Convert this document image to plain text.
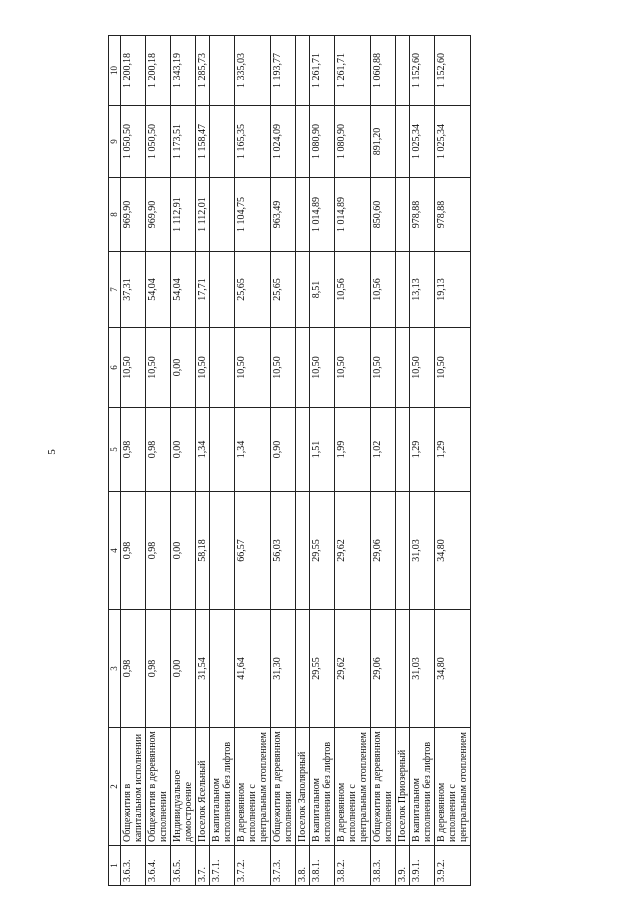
5
1	2	3	4	5	6	7	8	9	10
3.6.3.	Общежития в капитальном исполнении	0,98	0,98	0,98	10,50	37,31	969,90	1 050,50	1 200,18
3.6.4.	Общежития в деревянном исполнении	0,98	0,98	0,98	10,50	54,04	969,90	1 050,50	1 200,18
3.6.5.	Индивидуальное домостроение	0,00	0,00	0,00	0,00	54,04	1 112,91	1 173,51	1 343,19
3.7.	Поселок Ясельный	31,54	58,18	1,34	10,50	17,71	1 112,01	1 158,47	1 285,73
3.7.1.	В капитальном исполнении без лифтов								
3.7.2.	В деревянном исполнении с центральным отоплением	41,64	66,57	1,34	10,50	25,65	1 104,75	1 165,35	1 335,03
3.7.3.	Общежития в деревянном исполнении	31,30	56,03	0,90	10,50	25,65	963,49	1 024,09	1 193,77
3.8.	Поселок Заполярный								
3.8.1.	В капитальном исполнении без лифтов	29,55	29,55	1,51	10,50	8,51	1 014,89	1 080,90	1 261,71
3.8.2.	В деревянном исполнении с центральным отоплением	29,62	29,62	1,99	10,50	10,56	1 014,89	1 080,90	1 261,71
3.8.3.	Общежития в деревянном исполнении	29,06	29,06	1,02	10,50	10,56	850,60	891,20	1 060,88
3.9.	Поселок Приозерный								
3.9.1.	В капитальном исполнении без лифтов	31,03	31,03	1,29	10,50	13,13	978,88	1 025,34	1 152,60
3.9.2.	В деревянном исполнении с центральным отоплением	34,80	34,80	1,29	10,50	19,13	978,88	1 025,34	1 152,60
